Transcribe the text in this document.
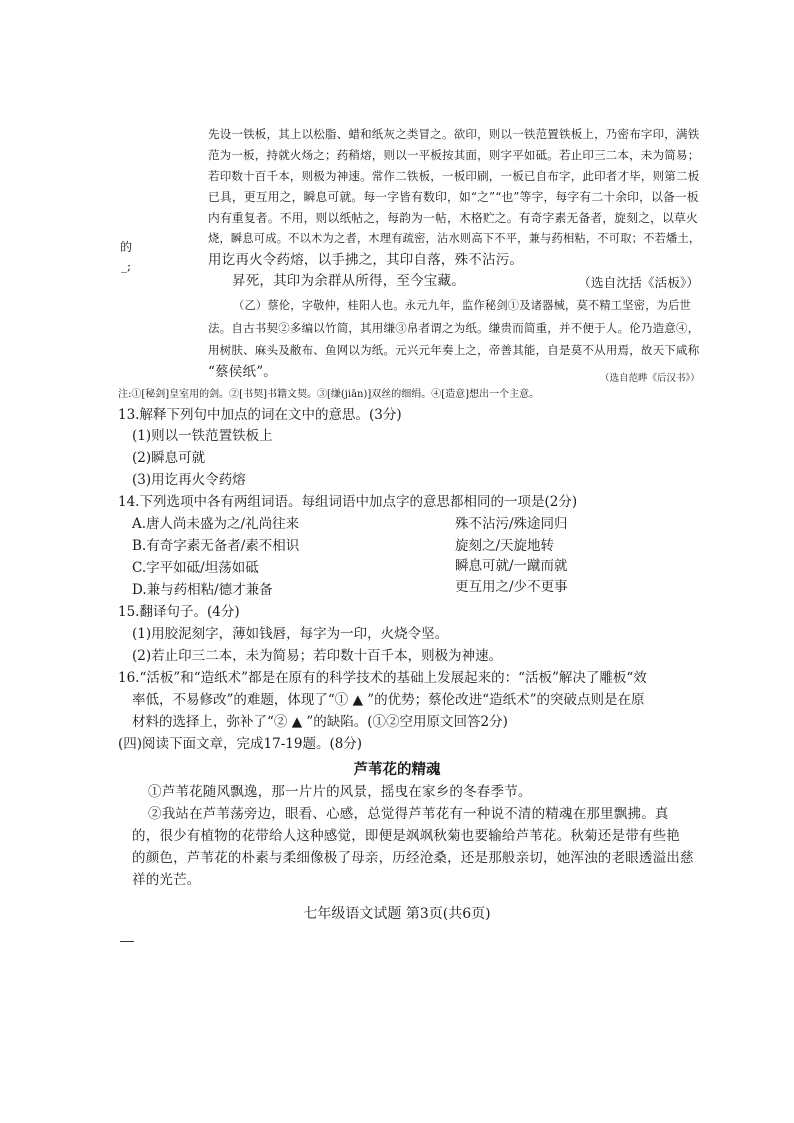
的
_;
先设一铁板，其上以松脂、蜡和纸灰之类冒之。欲印，则以一铁范置铁板上，乃密布字印，满铁
范为一板，持就火炀之；药稍熔，则以一平板按其面，则字平如砥。若止印三二本，未为简易；
若印数十百千本，则极为神速。常作二铁板，一板印刷，一板已自布字，此印者才毕，则第二板
已具，更互用之，瞬息可就。每一字皆有数印，如“之”“也”等字，每字有二十余印，以备一板
内有重复者。不用，则以纸帖之，每韵为一帖，木格贮之。有奇字素无备者，旋刻之，以草火
烧，瞬息可成。不以木为之者，木理有疏密，沾水则高下不平，兼与药相粘，不可取；不若燔土，
用讫再火令药熔，以手拂之，其印自落，殊不沾污。
（选自沈括《活板》）
昇死，其印为余群从所得，至今宝藏。
（乙）蔡伦，字敬仲，桂阳人也。永元九年，监作秘剑①及诸器械，莫不精工坚密，为后世
法。自古书契②多编以竹简，其用缣③帛者谓之为纸。缣贵而简重，并不便于人。伦乃造意④，
用树肤、麻头及敝布、鱼网以为纸。元兴元年奏上之，帝善其能，自是莫不从用焉，故天下咸称
“蔡侯纸”。	（选自范晔《后汉书》）
注:①[秘剑]皇室用的剑。②[书契]书籍文契。③[缣(jiān)]双丝的细绢。④[造意]想出一个主意。
13.解释下列句中加点的词在文中的意思。(3分)
(1)则以一铁范置铁板上
(2)瞬息可就
(3)用讫再火令药熔
14.下列选项中各有两组词语。每组词语中加点字的意思都相同的一项是(2分)
A.唐人尚未盛为之/礼尚往来	殊不沾污/殊途同归
B.有奇字素无备者/素不相识	旋刻之/天旋地转
C.字平如砥/坦荡如砥	瞬息可就/一蹴而就
D.兼与药相粘/德才兼备	更互用之/少不更事
15.翻译句子。(4分)
(1)用胶泥刻字，薄如钱唇，每字为一印，火烧令坚。
(2)若止印三二本，未为简易；若印数十百千本，则极为神速。
16.“活板”和“造纸术”都是在原有的科学技术的基础上发展起来的：“活板”解决了雕板“效
率低，不易修改”的难题，体现了“① ▲ ”的优势；蔡伦改进“造纸术”的突破点则是在原
材料的选择上，弥补了“② ▲ ”的缺陷。(①②空用原文回答2分)
(四)阅读下面文章，完成17-19题。(8分)
芦苇花的精魂
①芦苇花随风飘逸，那一片片的风景，摇曳在家乡的冬春季节。
②我站在芦苇荡旁边，眼看、心感，总觉得芦苇花有一种说不清的精魂在那里飘拂。真
的，很少有植物的花带给人这种感觉，即便是飒飒秋菊也要输给芦苇花。秋菊还是带有些艳
的颜色，芦苇花的朴素与柔细像极了母亲，历经沧桑，还是那般亲切，她浑浊的老眼透溢出慈
祥的光芒。
七年级语文试题 第3页(共6页)
